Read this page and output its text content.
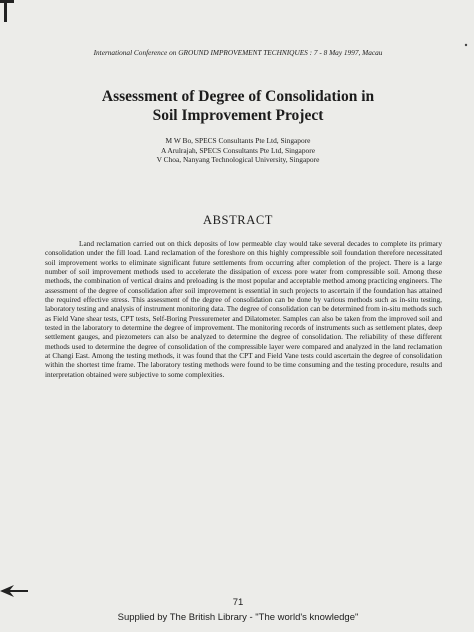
International Conference on GROUND IMPROVEMENT TECHNIQUES : 7 - 8 May 1997, Macau
Assessment of Degree of Consolidation in
Soil Improvement Project
M W Bo, SPECS Consultants Pte Ltd, Singapore
A Arulrajah, SPECS Consultants Pte Ltd, Singapore
V Choa, Nanyang Technological University, Singapore
ABSTRACT

Land reclamation carried out on thick deposits of low permeable clay would take several decades to complete its primary consolidation under the fill load. Land reclamation of the foreshore on this highly compressible soil foundation therefore necessitated soil improvement works to eliminate significant future settlements from occurring after completion of the project. There is a large number of soil improvement methods used to accelerate the dissipation of excess pore water from compressible soil. Among these methods, the combination of vertical drains and preloading is the most popular and acceptable method among practicing engineers. The assessment of the degree of consolidation after soil improvement is essential in such projects to ascertain if the foundation has attained the required effective stress. This assessment of the degree of consolidation can be done by various methods such as in-situ testing, laboratory testing and analysis of instrument monitoring data. The degree of consolidation can be determined from in-situ methods such as Field Vane shear tests, CPT tests, Self-Boring Pressuremeter and Dilatometer. Samples can also be taken from the improved soil and tested in the laboratory to determine the degree of improvement. The monitoring records of instruments such as settlement plates, deep settlement gauges, and piezometers can also be analyzed to determine the degree of consolidation. The reliability of these different methods used to determine the degree of consolidation of the compressible layer were compared and analyzed in the land reclamation at Changi East. Among the testing methods, it was found that the CPT and Field Vane tests could ascertain the degree of consolidation within the shortest time frame. The laboratory testing methods were found to be time consuming and the testing procedure, results and interpretation obtained were subjective to some complexities.

71
Supplied by The British Library - "The world's knowledge"
